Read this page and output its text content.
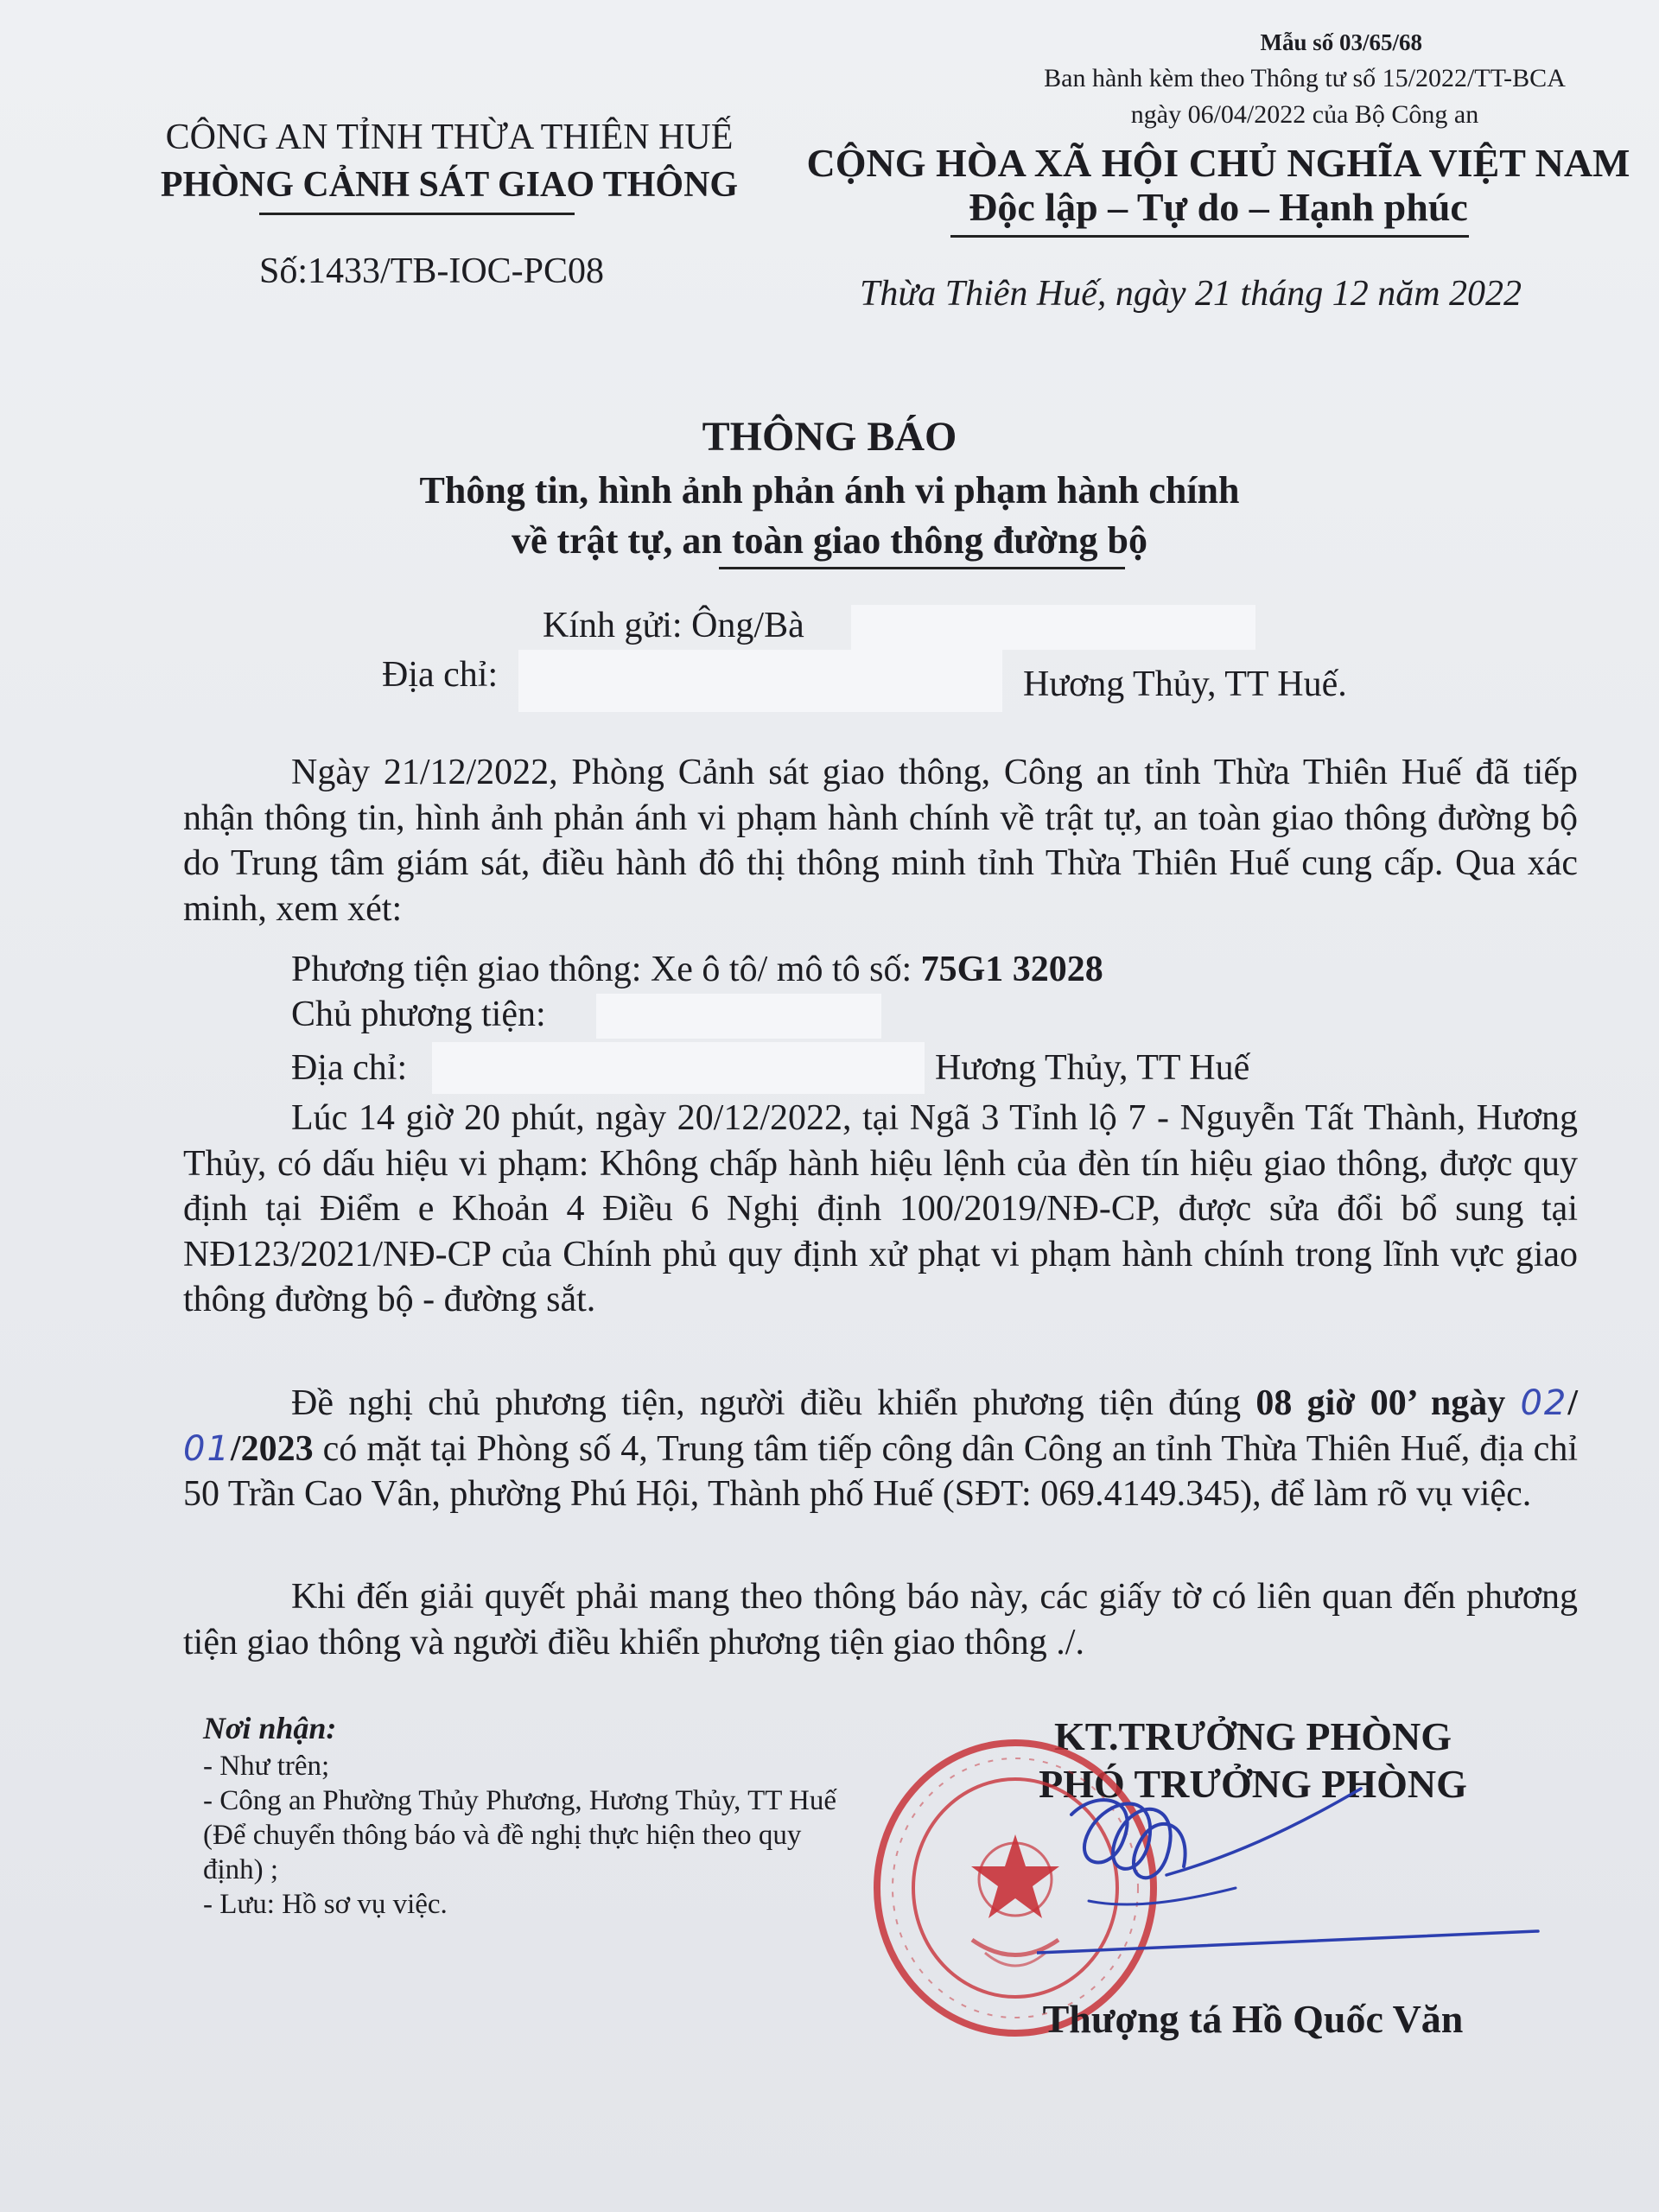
Mẫu số 03/65/68
Ban hành kèm theo Thông tư số 15/2022/TT-BCA
ngày 06/04/2022 của Bộ Công an
CÔNG AN TỈNH THỪA THIÊN HUẾ
PHÒNG CẢNH SÁT GIAO THÔNG
Số:1433/TB-IOC-PC08
CỘNG HÒA XÃ HỘI CHỦ NGHĨA VIỆT NAM
Độc lập – Tự do – Hạnh phúc
Thừa Thiên Huế, ngày 21 tháng 12 năm 2022
THÔNG BÁO
Thông tin, hình ảnh phản ánh vi phạm hành chính
về trật tự, an toàn giao thông đường bộ
Kính gửi: Ông/Bà
Địa chỉ:	Hương Thủy, TT Huế.
Ngày 21/12/2022, Phòng Cảnh sát giao thông, Công an tỉnh Thừa Thiên Huế đã tiếp nhận thông tin, hình ảnh phản ánh vi phạm hành chính về trật tự, an toàn giao thông đường bộ do Trung tâm giám sát, điều hành đô thị thông minh tỉnh Thừa Thiên Huế cung cấp. Qua xác minh, xem xét:
Phương tiện giao thông: Xe ô tô/ mô tô số: 75G1 32028
Chủ phương tiện:
Địa chỉ:	Hương Thủy, TT Huế
Lúc 14 giờ 20 phút, ngày 20/12/2022, tại Ngã 3 Tỉnh lộ 7 - Nguyễn Tất Thành, Hương Thủy, có dấu hiệu vi phạm: Không chấp hành hiệu lệnh của đèn tín hiệu giao thông, được quy định tại Điểm e Khoản 4 Điều 6 Nghị định 100/2019/NĐ-CP, được sửa đổi bổ sung tại NĐ123/2021/NĐ-CP của Chính phủ quy định xử phạt vi phạm hành chính trong lĩnh vực giao thông đường bộ - đường sắt.
Đề nghị chủ phương tiện, người điều khiển phương tiện đúng 08 giờ 00’ ngày 02/ 01/2023 có mặt tại Phòng số 4, Trung tâm tiếp công dân Công an tỉnh Thừa Thiên Huế, địa chỉ 50 Trần Cao Vân, phường Phú Hội, Thành phố Huế (SĐT: 069.4149.345), để làm rõ vụ việc.
Khi đến giải quyết phải mang theo thông báo này, các giấy tờ có liên quan đến phương tiện giao thông và người điều khiển phương tiện giao thông ./.
Nơi nhận:
- Như trên;
- Công an Phường Thủy Phương, Hương Thủy, TT Huế (Để chuyển thông báo và đề nghị thực hiện theo quy định) ;
- Lưu: Hồ sơ vụ việc.
KT.TRƯỞNG PHÒNG
PHÓ TRƯỞNG PHÒNG
Thượng tá Hồ Quốc Văn
